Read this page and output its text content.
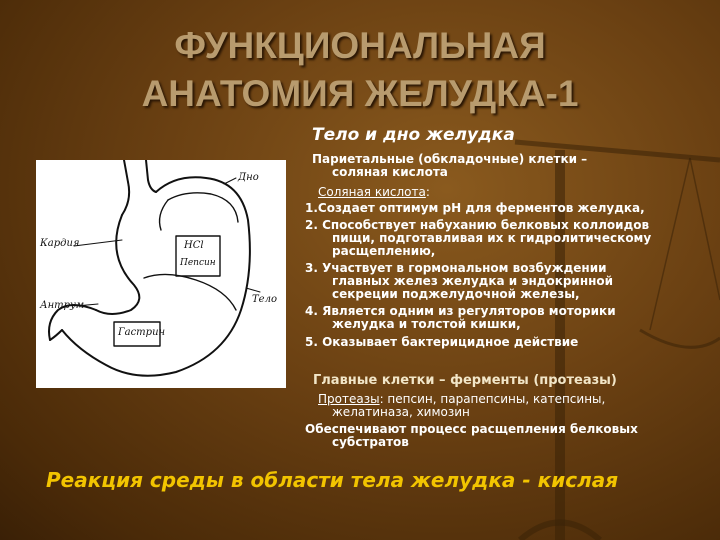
ФУНКЦИОНАЛЬНАЯ
АНАТОМИЯ ЖЕЛУДКА-1
Дно
Кардия	НСl
Пепсин
Тело
Антрум
Гастрин
Тело и дно желудка
Париетальные (обкладочные) клетки –
соляная кислота
Соляная кислота:
1.Создает оптимум pH для ферментов желудка,
2. Способствует набуханию белковых коллоидов
пищи, подготавливая их к гидролитическому
расщеплению,
3. Участвует в гормональном возбуждении
главных желез желудка и эндокринной
секреции поджелудочной железы,
4. Является одним из регуляторов моторики
желудка и толстой кишки,
5. Оказывает бактерицидное действие
Главные клетки – ферменты (протеазы)
Протеазы: пепсин, парапепсины, катепсины,
желатиназа, химозин
Обеспечивают процесс расщепления белковых
субстратов
Реакция среды в области тела желудка - кислая
